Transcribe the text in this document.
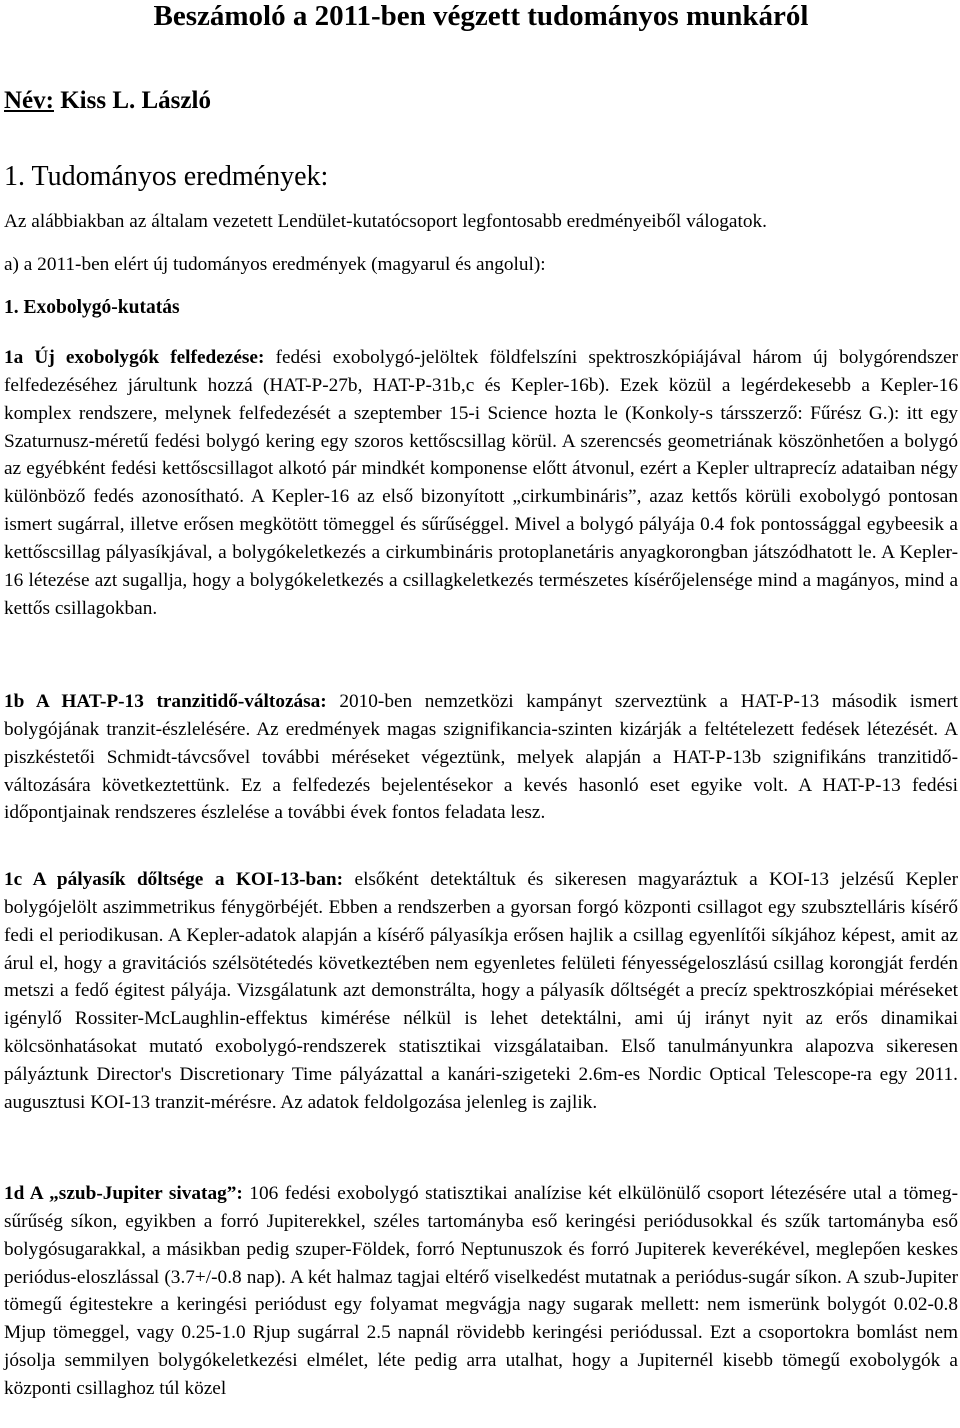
Beszámoló a 2011-ben végzett tudományos munkáról
Név: Kiss L. László
1. Tudományos eredmények:

Az alábbiakban az általam vezetett Lendület-kutatócsoport legfontosabb eredményeiből válogatok.

a) a 2011-ben elért új tudományos eredmények (magyarul és angolul):

1. Exobolygó-kutatás

1a Új exobolygók felfedezése: fedési exobolygó-jelöltek földfelszíni spektroszkópiájával három új bolygórendszer felfedezéséhez járultunk hozzá (HAT-P-27b, HAT-P-31b,c és Kepler-16b). Ezek közül a legérdekesebb a Kepler-16 komplex rendszere, melynek felfedezését a szeptember 15-i Science hozta le (Konkoly-s társszerző: Fűrész G.): itt egy Szaturnusz-méretű fedési bolygó kering egy szoros kettőscsillag körül. A szerencsés geometriának köszönhetően a bolygó az egyébként fedési kettőscsillagot alkotó pár mindkét komponense előtt átvonul, ezért a Kepler ultraprecíz adataiban négy különböző fedés azonosítható. A Kepler-16 az első bizonyított „cirkumbináris”, azaz kettős körüli exobolygó pontosan ismert sugárral, illetve erősen megkötött tömeggel és sűrűséggel. Mivel a bolygó pályája 0.4 fok pontossággal egybeesik a kettőscsillag pályasíkjával, a bolygókeletkezés a cirkumbináris protoplanetáris anyagkorongban játszódhatott le. A Kepler-16 létezése azt sugallja, hogy a bolygókeletkezés a csillagkeletkezés természetes kísérőjelensége mind a magányos, mind a kettős csillagokban.

1b A HAT-P-13 tranzitidő-változása: 2010-ben nemzetközi kampányt szerveztünk a HAT-P-13 második ismert bolygójának tranzit-észlelésére. Az eredmények magas szignifikancia-szinten kizárják a feltételezett fedések létezését. A piszkéstetői Schmidt-távcsővel további méréseket végeztünk, melyek alapján a HAT-P-13b szignifikáns tranzitidő-változására következtettünk. Ez a felfedezés bejelentésekor a kevés hasonló eset egyike volt. A HAT-P-13 fedési időpontjainak rendszeres észlelése a további évek fontos feladata lesz.

1c A pályasík dőltsége a KOI-13-ban: elsőként detektáltuk és sikeresen magyaráztuk a KOI-13 jelzésű Kepler bolygójelölt aszimmetrikus fénygörbéjét. Ebben a rendszerben a gyorsan forgó központi csillagot egy szubsztelláris kísérő fedi el periodikusan. A Kepler-adatok alapján a kísérő pályasíkja erősen hajlik a csillag egyenlítői síkjához képest, amit az árul el, hogy a gravitációs szélsötétedés következtében nem egyenletes felületi fényességeloszlású csillag korongját ferdén metszi a fedő égitest pályája. Vizsgálatunk azt demonstrálta, hogy a pályasík dőltségét a precíz spektroszkópiai méréseket igénylő Rossiter-McLaughlin-effektus kimérése nélkül is lehet detektálni, ami új irányt nyit az erős dinamikai kölcsönhatásokat mutató exobolygó-rendszerek statisztikai vizsgálataiban. Első tanulmányunkra alapozva sikeresen pályáztunk Director's Discretionary Time pályázattal a kanári-szigeteki 2.6m-es Nordic Optical Telescope-ra egy 2011. augusztusi KOI-13 tranzit-mérésre. Az adatok feldolgozása jelenleg is zajlik.

1d A „szub-Jupiter sivatag”: 106 fedési exobolygó statisztikai analízise két elkülönülő csoport létezésére utal a tömeg-sűrűség síkon, egyikben a forró Jupiterekkel, széles tartományba eső keringési periódusokkal és szűk tartományba eső bolygósugarakkal, a másikban pedig szuper-Földek, forró Neptunuszok és forró Jupiterek keverékével, meglepően keskes periódus-eloszlással (3.7+/-0.8 nap). A két halmaz tagjai eltérő viselkedést mutatnak a periódus-sugár síkon. A szub-Jupiter tömegű égitestekre a keringési periódust egy folyamat megvágja nagy sugarak mellett: nem ismerünk bolygót 0.02-0.8 Mjup tömeggel, vagy 0.25-1.0 Rjup sugárral 2.5 napnál rövidebb keringési periódussal. Ezt a csoportokra bomlást nem jósolja semmilyen bolygókeletkezési elmélet, léte pedig arra utalhat, hogy a Jupiternél kisebb tömegű exobolygók a központi csillaghoz túl közel
